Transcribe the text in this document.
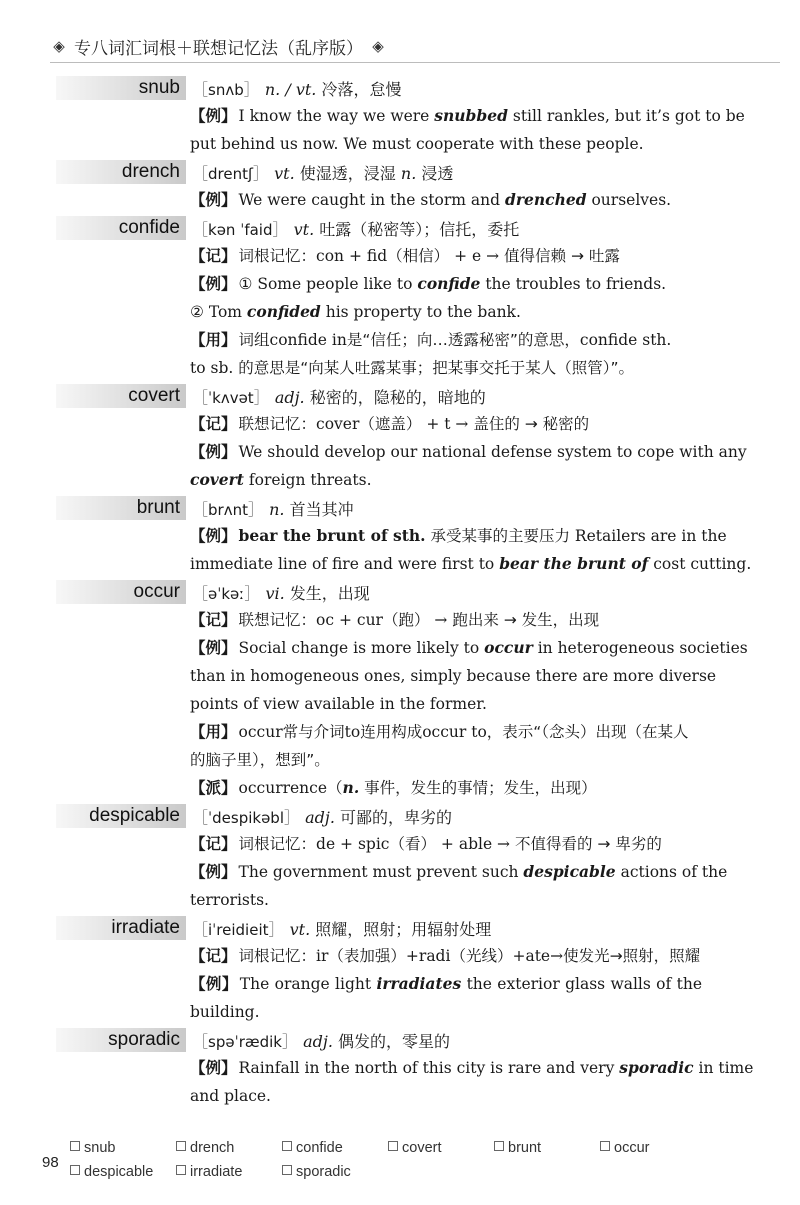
◈ 专八词汇词根＋联想记忆法（乱序版） ◈
snub ［snʌb］ n. / vt. 冷落，怠慢
【例】 I know the way we were snubbed still rankles, but it’s got to be
put behind us now. We must cooperate with these people.
drench ［drentʃ］ vt. 使湿透，浸湿 n. 浸透
【例】 We were caught in the storm and drenched ourselves.
confide ［kən ˈfaid］ vt. 吐露（秘密等）；信托，委托
【记】 词根记忆：con + fid（相信） + e → 值得信赖 → 吐露
【例】 ① Some people like to confide the troubles to friends.
② Tom confided his property to the bank.
【用】 词组confide in是“信任；向…透露秘密”的意思，confide sth.
to sb. 的意思是“向某人吐露某事；把某事交托于某人（照管）”。
covert ［ˈkʌvət］ adj. 秘密的，隐秘的，暗地的
【记】 联想记忆：cover（遮盖） + t → 盖住的 → 秘密的
【例】 We should develop our national defense system to cope with any
covert foreign threats.
brunt ［brʌnt］ n. 首当其冲
【例】 bear the brunt of sth. 承受某事的主要压力 Retailers are in the
immediate line of fire and were first to bear the brunt of cost cutting.
occur ［əˈkəː］ vi. 发生，出现
【记】 联想记忆：oc + cur（跑） → 跑出来 → 发生，出现
【例】 Social change is more likely to occur in heterogeneous societies
than in homogeneous ones, simply because there are more diverse
points of view available in the former.
【用】 occur常与介词to连用构成occur to，表示“（念头）出现（在某人
的脑子里），想到”。
【派】 occurrence（n. 事件，发生的事情；发生，出现）
despicable ［ˈdespikəbl］ adj. 可鄙的，卑劣的
【记】 词根记忆：de + spic（看） + able → 不值得看的 → 卑劣的
【例】 The government must prevent such despicable actions of the
terrorists.
irradiate ［iˈreidieit］ vt. 照耀，照射；用辐射处理
【记】 词根记忆：ir（表加强）+radi（光线）+ate→使发光→照射，照耀
【例】 The orange light irradiates the exterior glass walls of the
building.
sporadic ［spəˈrædik］ adj. 偶发的，零星的
【例】 Rainfall in the north of this city is rare and very sporadic in time
and place.
98
snub	drench	confide	covert	brunt	occur
despicable	irradiate	sporadic
